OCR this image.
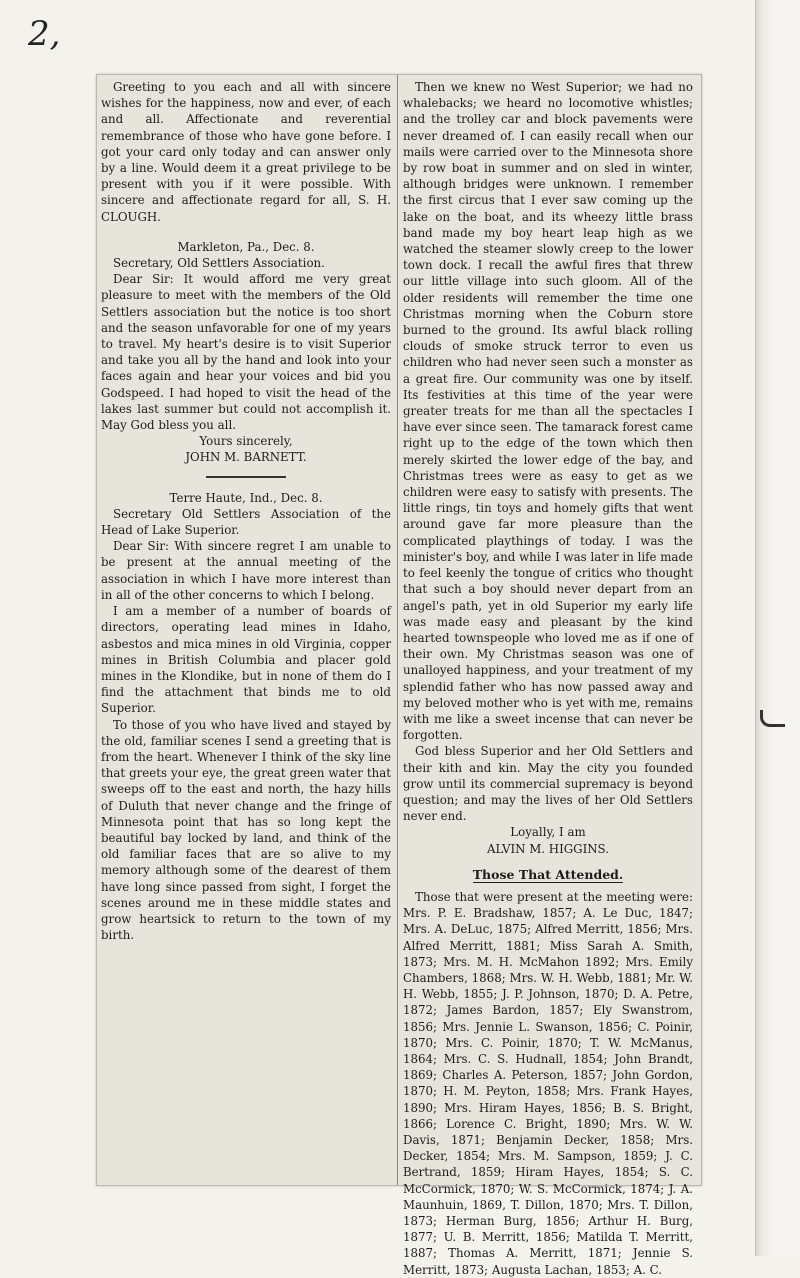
2,

Greeting to you each and all with sincere wishes for the happiness, now and ever, of each and all. Affectionate and reverential remembrance of those who have gone before. I got your card only today and can answer only by a line. Would deem it a great privilege to be present with you if it were possible. With sincere and affectionate regard for all, S. H. CLOUGH.

Markleton, Pa., Dec. 8.

Secretary, Old Settlers Association.

Dear Sir: It would afford me very great pleasure to meet with the members of the Old Settlers association but the notice is too short and the season unfavorable for one of my years to travel. My heart's desire is to visit Superior and take you all by the hand and look into your faces again and hear your voices and bid you Godspeed. I had hoped to visit the head of the lakes last summer but could not accomplish it. May God bless you all.

Yours sincerely,

JOHN M. BARNETT.

Terre Haute, Ind., Dec. 8.

Secretary Old Settlers Association of the Head of Lake Superior.

Dear Sir: With sincere regret I am unable to be present at the annual meeting of the association in which I have more interest than in all of the other concerns to which I belong.

I am a member of a number of boards of directors, operating lead mines in Idaho, asbestos and mica mines in old Virginia, copper mines in British Columbia and placer gold mines in the Klondike, but in none of them do I find the attachment that binds me to old Superior.

To those of you who have lived and stayed by the old, familiar scenes I send a greeting that is from the heart. Whenever I think of the sky line that greets your eye, the great green water that sweeps off to the east and north, the hazy hills of Duluth that never change and the fringe of Minnesota point that has so long kept the beautiful bay locked by land, and think of the old familiar faces that are so alive to my memory although some of the dearest of them have long since passed from sight, I forget the scenes around me in these middle states and grow heartsick to return to the town of my birth.

Then we knew no West Superior; we had no whalebacks; we heard no locomotive whistles; and the trolley car and block pavements were never dreamed of. I can easily recall when our mails were carried over to the Minnesota shore by row boat in summer and on sled in winter, although bridges were unknown. I remember the first circus that I ever saw coming up the lake on the boat, and its wheezy little brass band made my boy heart leap high as we watched the steamer slowly creep to the lower town dock. I recall the awful fires that threw our little village into such gloom. All of the older residents will remember the time one Christmas morning when the Coburn store burned to the ground. Its awful black rolling clouds of smoke struck terror to even us children who had never seen such a monster as a great fire. Our community was one by itself. Its festivities at this time of the year were greater treats for me than all the spectacles I have ever since seen. The tamarack forest came right up to the edge of the town which then merely skirted the lower edge of the bay, and Christmas trees were as easy to get as we children were easy to satisfy with presents. The little rings, tin toys and homely gifts that went around gave far more pleasure than the complicated playthings of today. I was the minister's boy, and while I was later in life made to feel keenly the tongue of critics who thought that such a boy should never depart from an angel's path, yet in old Superior my early life was made easy and pleasant by the kind hearted townspeople who loved me as if one of their own. My Christmas season was one of unalloyed happiness, and your treatment of my splendid father who has now passed away and my beloved mother who is yet with me, remains with me like a sweet incense that can never be forgotten.

God bless Superior and her Old Settlers and their kith and kin. May the city you founded grow until its commercial supremacy is beyond question; and may the lives of her Old Settlers never end.

Loyally, I am

ALVIN M. HIGGINS.

Those That Attended.

Those that were present at the meeting were: Mrs. P. E. Bradshaw, 1857; A. Le Duc, 1847; Mrs. A. DeLuc, 1875; Alfred Merritt, 1856; Mrs. Alfred Merritt, 1881; Miss Sarah A. Smith, 1873; Mrs. M. H. McMahon 1892; Mrs. Emily Chambers, 1868; Mrs. W. H. Webb, 1881; Mr. W. H. Webb, 1855; J. P. Johnson, 1870; D. A. Petre, 1872; James Bardon, 1857; Ely Swanstrom, 1856; Mrs. Jennie L. Swanson, 1856; C. Poinir, 1870; Mrs. C. Poinir, 1870; T. W. McManus, 1864; Mrs. C. S. Hudnall, 1854; John Brandt, 1869; Charles A. Peterson, 1857; John Gordon, 1870; H. M. Peyton, 1858; Mrs. Frank Hayes, 1890; Mrs. Hiram Hayes, 1856; B. S. Bright, 1866; Lorence C. Bright, 1890; Mrs. W. W. Davis, 1871; Benjamin Decker, 1858; Mrs. Decker, 1854; Mrs. M. Sampson, 1859; J. C. Bertrand, 1859; Hiram Hayes, 1854; S. C. McCormick, 1870; W. S. McCormick, 1874; J. A. Maunhuin, 1869, T. Dillon, 1870; Mrs. T. Dillon, 1873; Herman Burg, 1856; Arthur H. Burg, 1877; U. B. Merritt, 1856; Matilda T. Merritt, 1887; Thomas A. Merritt, 1871; Jennie S. Merritt, 1873; Augusta Lachan, 1853; A. C.
